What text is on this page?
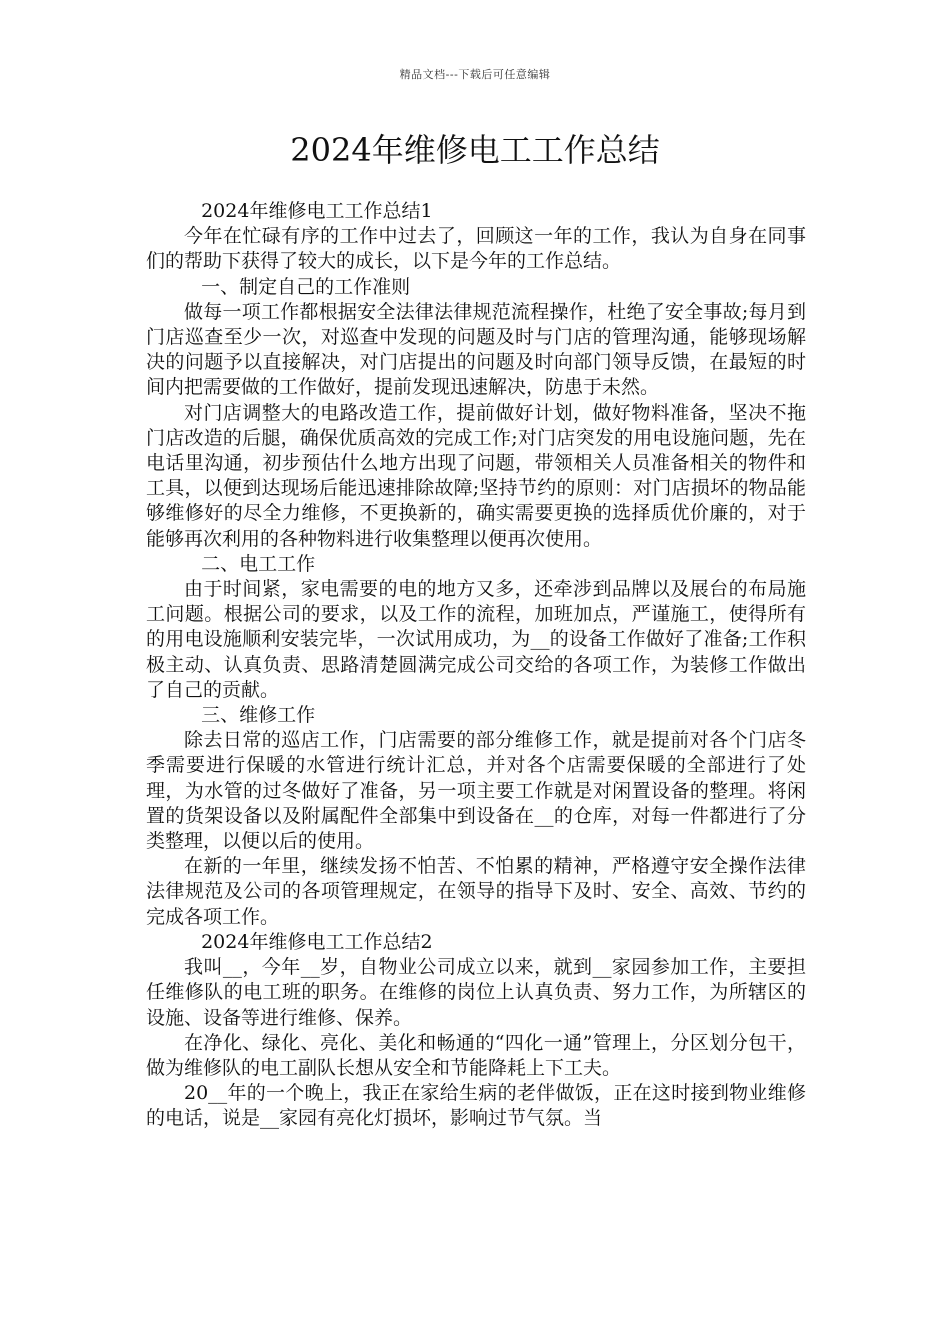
精品文档---下载后可任意编辑
2024年维修电工工作总结

2024年维修电工工作总结1

今年在忙碌有序的工作中过去了，回顾这一年的工作，我认为自身在同事们的帮助下获得了较大的成长，以下是今年的工作总结。

一、制定自己的工作准则

做每一项工作都根据安全法律法律规范流程操作，杜绝了安全事故;每月到门店巡查至少一次，对巡查中发现的问题及时与门店的管理沟通，能够现场解决的问题予以直接解决，对门店提出的问题及时向部门领导反馈，在最短的时间内把需要做的工作做好，提前发现迅速解决，防患于未然。

对门店调整大的电路改造工作，提前做好计划，做好物料准备，坚决不拖门店改造的后腿，确保优质高效的完成工作;对门店突发的用电设施问题，先在电话里沟通，初步预估什么地方出现了问题，带领相关人员准备相关的物件和工具，以便到达现场后能迅速排除故障;坚持节约的原则：对门店损坏的物品能够维修好的尽全力维修，不更换新的，确实需要更换的选择质优价廉的，对于能够再次利用的各种物料进行收集整理以便再次使用。

二、电工工作

由于时间紧，家电需要的电的地方又多，还牵涉到品牌以及展台的布局施工问题。根据公司的要求，以及工作的流程，加班加点，严谨施工，使得所有的用电设施顺利安装完毕，一次试用成功，为__的设备工作做好了准备;工作积极主动、认真负责、思路清楚圆满完成公司交给的各项工作，为装修工作做出了自己的贡献。

三、维修工作

除去日常的巡店工作，门店需要的部分维修工作，就是提前对各个门店冬季需要进行保暖的水管进行统计汇总，并对各个店需要保暖的全部进行了处理，为水管的过冬做好了准备，另一项主要工作就是对闲置设备的整理。将闲置的货架设备以及附属配件全部集中到设备在__的仓库，对每一件都进行了分类整理，以便以后的使用。

在新的一年里，继续发扬不怕苦、不怕累的精神，严格遵守安全操作法律法律规范及公司的各项管理规定，在领导的指导下及时、安全、高效、节约的完成各项工作。

2024年维修电工工作总结2

我叫__，今年__岁，自物业公司成立以来，就到__家园参加工作，主要担任维修队的电工班的职务。在维修的岗位上认真负责、努力工作，为所辖区的设施、设备等进行维修、保养。

在净化、绿化、亮化、美化和畅通的“四化一通”管理上，分区划分包干，做为维修队的电工副队长想从安全和节能降耗上下工夫。

20__年的一个晚上，我正在家给生病的老伴做饭，正在这时接到物业维修的电话，说是__家园有亮化灯损坏，影响过节气氛。当
